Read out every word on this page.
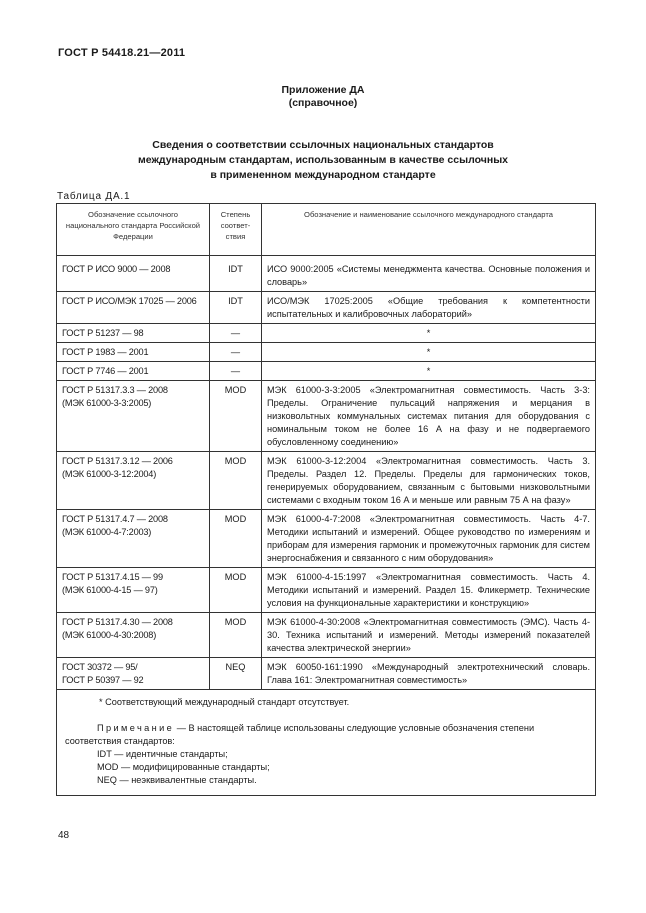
ГОСТ Р 54418.21—2011
Приложение ДА
(справочное)
Сведения о соответствии ссылочных национальных стандартов
международным стандартам, использованным в качестве ссылочных
в примененном международном стандарте
Таблица ДА.1
Обозначение ссылочного национального стандарта Российской Федерации	Степень соответ-ствия	Обозначение и наименование ссылочного международного стандарта
ГОСТ Р ИСО 9000 — 2008	IDT	ИСО 9000:2005 «Системы менеджмента качества. Основные положения и словарь»
ГОСТ Р ИСО/МЭК 17025 — 2006	IDT	ИСО/МЭК 17025:2005 «Общие требования к компетентности испытательных и калибровочных лабораторий»
ГОСТ Р 51237 — 98	—	*
ГОСТ Р 1983 — 2001	—	*
ГОСТ Р 7746 — 2001	—	*
ГОСТ Р 51317.3.3 — 2008
(МЭК 61000-3-3:2005)	MOD	МЭК 61000-3-3:2005 «Электромагнитная совместимость. Часть 3-3: Пределы. Ограничение пульсаций напряжения и мерцания в низковольтных коммунальных системах питания для оборудования с номинальным током не более 16 А на фазу и не подвергаемого обусловленному соединению»
ГОСТ Р 51317.3.12 — 2006
(МЭК 61000-3-12:2004)	MOD	МЭК 61000-3-12:2004 «Электромагнитная совместимость. Часть 3. Пределы. Раздел 12. Пределы. Пределы для гармонических токов, генерируемых оборудованием, связанным с бытовыми низковольтными системами с входным током 16 А и меньше или равным 75 А на фазу»
ГОСТ Р 51317.4.7 — 2008
(МЭК 61000-4-7:2003)	MOD	МЭК 61000-4-7:2008 «Электромагнитная совместимость. Часть 4-7. Методики испытаний и измерений. Общее руководство по измерениям и приборам для измерения гармоник и промежуточных гармоник для систем энергоснабжения и связанного с ним оборудования»
ГОСТ Р 51317.4.15 — 99
(МЭК 61000-4-15 — 97)	MOD	МЭК 61000-4-15:1997 «Электромагнитная совместимость. Часть 4. Методики испытаний и измерений. Раздел 15. Фликерметр. Технические условия на функциональные характеристики и конструкцию»
ГОСТ Р 51317.4.30 — 2008
(МЭК 61000-4-30:2008)	MOD	МЭК 61000-4-30:2008 «Электромагнитная совместимость (ЭМС). Часть 4-30. Техника испытаний и измерений. Методы измерений показателей качества электрической энергии»
ГОСТ 30372 — 95/
ГОСТ Р 50397 — 92	NEQ	МЭК 60050-161:1990 «Международный электротехнический словарь. Глава 161: Электромагнитная совместимость»

* Соответствующий международный стандарт отсутствует.

Примечание — В настоящей таблице использованы следующие условные обозначения степени соответствия стандартов:

IDT — идентичные стандарты;

MOD — модифицированные стандарты;

NEQ — неэквивалентные стандарты.		

48
